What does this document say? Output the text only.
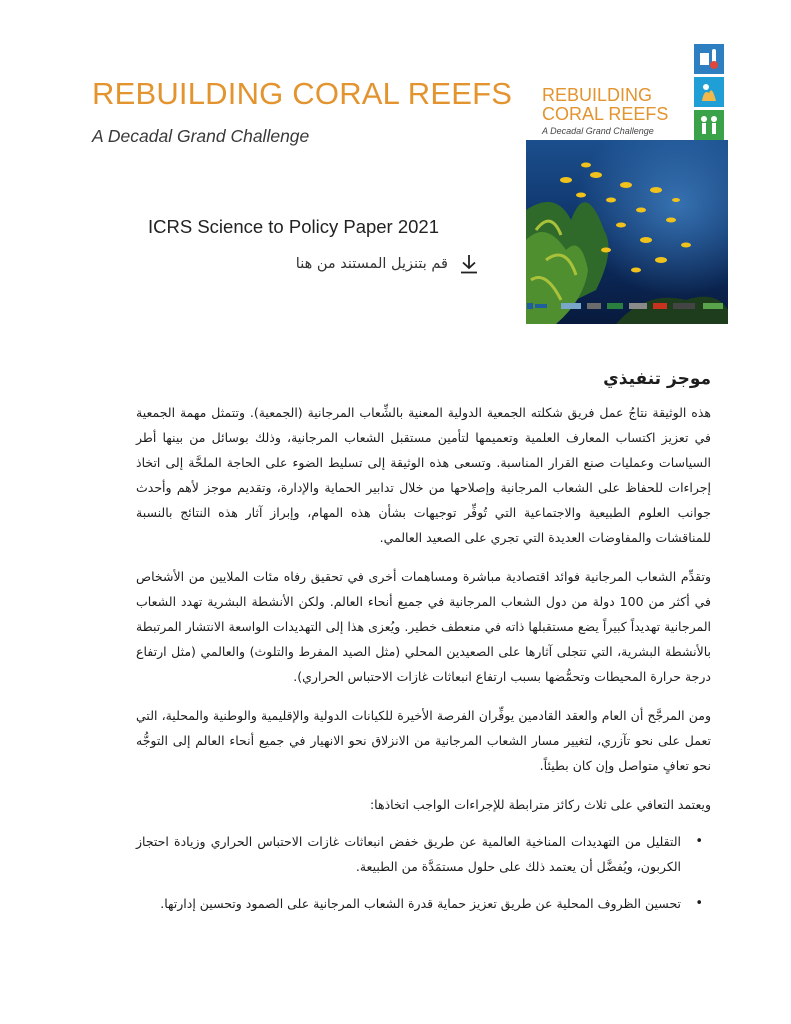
REBUILDING CORAL REEFS

A Decadal Grand Challenge

ICRS Science to Policy Paper 2021
قم بتنزيل المستند من هنا
REBUILDING
CORAL REEFS
A Decadal Grand Challenge
ICRS Science to Policy Paper 2021
موجز تنفيذي

هذه الوثيقة نتاجُ عمل فريق شكلته الجمعية الدولية المعنية بالشِّعاب المرجانية (الجمعية). وتتمثل مهمة الجمعية في تعزيز اكتساب المعارف العلمية وتعميمها لتأمين مستقبل الشعاب المرجانية، وذلك بوسائل من بينها أطر السياسات وعمليات صنع القرار المناسبة. وتسعى هذه الوثيقة إلى تسليط الضوء على الحاجة الملحَّة إلى اتخاذ إجراءات للحفاظ على الشعاب المرجانية وإصلاحها من خلال تدابير الحماية والإدارة، وتقديم موجز لأهم وأحدث جوانب العلوم الطبيعية والاجتماعية التي تُوفِّر توجيهات بشأن هذه المهام، وإبراز آثار هذه النتائج بالنسبة للمناقشات والمفاوضات العديدة التي تجري على الصعيد العالمي.

وتقدِّم الشعاب المرجانية فوائد اقتصادية مباشرة ومساهمات أخرى في تحقيق رفاه مئات الملايين من الأشخاص في أكثر من 100 دولة من دول الشعاب المرجانية في جميع أنحاء العالم. ولكن الأنشطة البشرية تهدد الشعاب المرجانية تهديداً كبيراً يضع مستقبلها ذاته في منعطف خطير. ويُعزى هذا إلى التهديدات الواسعة الانتشار المرتبطة بالأنشطة البشرية، التي تتجلى آثارها على الصعيدين المحلي (مثل الصيد المفرط والتلوث) والعالمي (مثل ارتفاع درجة حرارة المحيطات وتحمُّضها بسبب ارتفاع انبعاثات غازات الاحتباس الحراري).

ومن المرجَّح أن العام والعقد القادمين يوفِّران الفرصة الأخيرة للكيانات الدولية والإقليمية والوطنية والمحلية، التي تعمل على نحو تآزري، لتغيير مسار الشعاب المرجانية من الانزلاق نحو الانهيار في جميع أنحاء العالم إلى التوجُّه نحو تعافٍ متواصل وإن كان بطيئاً.

ويعتمد التعافي على ثلاث ركائز مترابطة للإجراءات الواجب اتخاذها:

• التقليل من التهديدات المناخية العالمية عن طريق خفض انبعاثات غازات الاحتباس الحراري وزيادة احتجاز الكربون، ويُفضَّل أن يعتمد ذلك على حلول مستمَدَّة من الطبيعة.
• تحسين الظروف المحلية عن طريق تعزيز حماية قدرة الشعاب المرجانية على الصمود وتحسين إدارتها.
